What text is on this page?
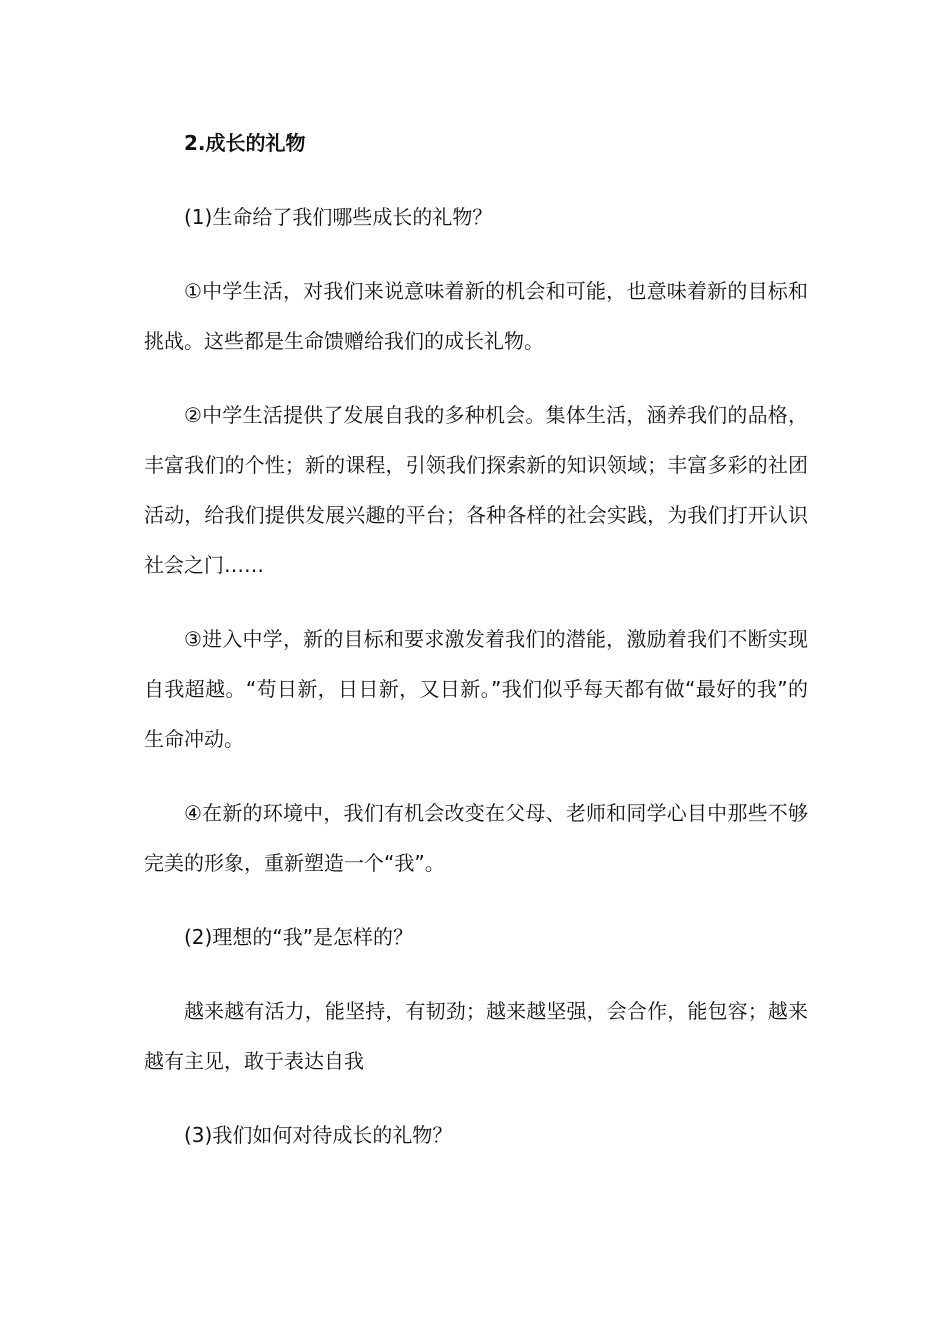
2.成长的礼物

(1)生命给了我们哪些成长的礼物？

①中学生活，对我们来说意味着新的机会和可能，也意味着新的目标和挑战。这些都是生命馈赠给我们的成长礼物。

②中学生活提供了发展自我的多种机会。集体生活，涵养我们的品格，丰富我们的个性；新的课程，引领我们探索新的知识领域；丰富多彩的社团活动，给我们提供发展兴趣的平台；各种各样的社会实践，为我们打开认识社会之门……

③进入中学，新的目标和要求激发着我们的潜能，激励着我们不断实现自我超越。“苟日新，日日新，又日新。”我们似乎每天都有做“最好的我”的生命冲动。

④在新的环境中，我们有机会改变在父母、老师和同学心目中那些不够完美的形象，重新塑造一个“我”。

(2)理想的“我”是怎样的？

越来越有活力，能坚持，有韧劲；越来越坚强，会合作，能包容；越来越有主见，敢于表达自我

(3)我们如何对待成长的礼物？
